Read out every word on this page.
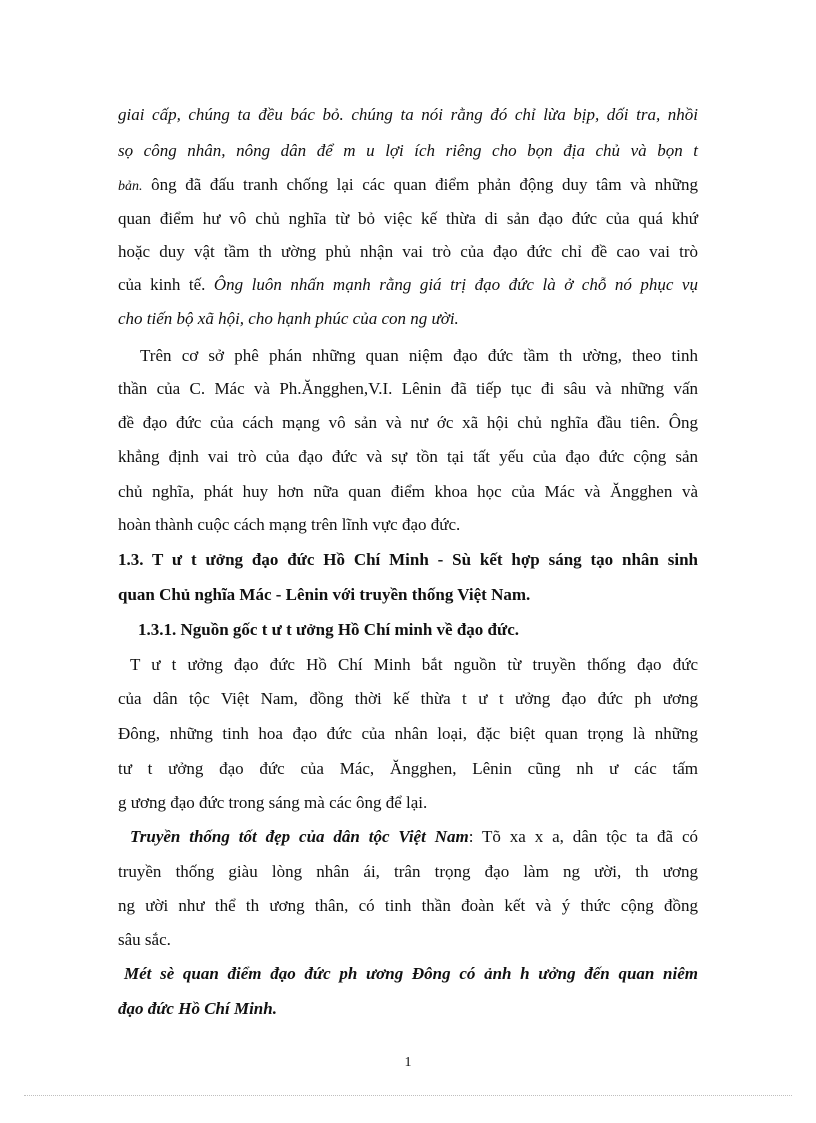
giai cấp, chúng ta đều bác bỏ. chúng ta nói rằng đó chỉ lừa bịp, dối tra, nhồi
sọ công nhân, nông dân để m u lợi ích riêng cho bọn địa chủ và bọn t
bản. ông đã đấu tranh chống lại các quan điểm phản động duy tâm và những
quan điểm hư vô chủ nghĩa từ bỏ việc kế thừa di sản đạo đức của quá khứ
hoặc duy vật tầm th ường phủ nhận vai trò của đạo đức chỉ đề cao vai trò
của kinh tế. Ông luôn nhấn mạnh rằng giá trị đạo đức là ở chỗ nó phục vụ
cho tiến bộ xã hội, cho hạnh phúc của con ng ười.
Trên cơ sở phê phán những quan niệm đạo đức tầm th ường, theo tinh
thần của C. Mác và Ph.Ăngghen,V.I. Lênin đã tiếp tục đi sâu và những vấn
đề đạo đức của cách mạng vô sản và nư ớc xã hội chủ nghĩa đầu tiên. Ông
khẳng định vai trò của đạo đức và sự tồn tại tất yếu của đạo đức cộng sản
chủ nghĩa, phát huy hơn nữa quan điểm khoa học của Mác và Ăngghen và
hoàn thành cuộc cách mạng trên lĩnh vực đạo đức.
1.3. T ư t ưởng đạo đức Hồ Chí Minh - Sù kết hợp sáng tạo nhân sinh
quan Chủ nghĩa Mác - Lênin với truyền thống Việt Nam.
1.3.1. Nguồn gốc t ư t ưởng Hồ Chí minh về đạo đức.
T ư t ưởng đạo đức Hồ Chí Minh bắt nguồn từ truyền thống đạo đức
của dân tộc Việt Nam, đồng thời kế thừa t ư t ưởng đạo đức ph ương
Đông, những tinh hoa đạo đức của nhân loại, đặc biệt quan trọng là những
tư t ưởng đạo đức của Mác, Ăngghen, Lênin cũng nh ư các tấm
g ương đạo đức trong sáng mà các ông để lại.
Truyền thống tốt đẹp của dân tộc Việt Nam: Tõ xa x a, dân tộc ta đã có
truyền thống giàu lòng nhân ái, trân trọng đạo làm ng ười, th ương
ng ười như thể th ương thân, có tinh thần đoàn kết và ý thức cộng đồng
sâu sắc.
Mét sè quan điểm đạo đức ph ương Đông có ảnh h ưởng đến quan niêm
đạo đức Hồ Chí Minh.
1
